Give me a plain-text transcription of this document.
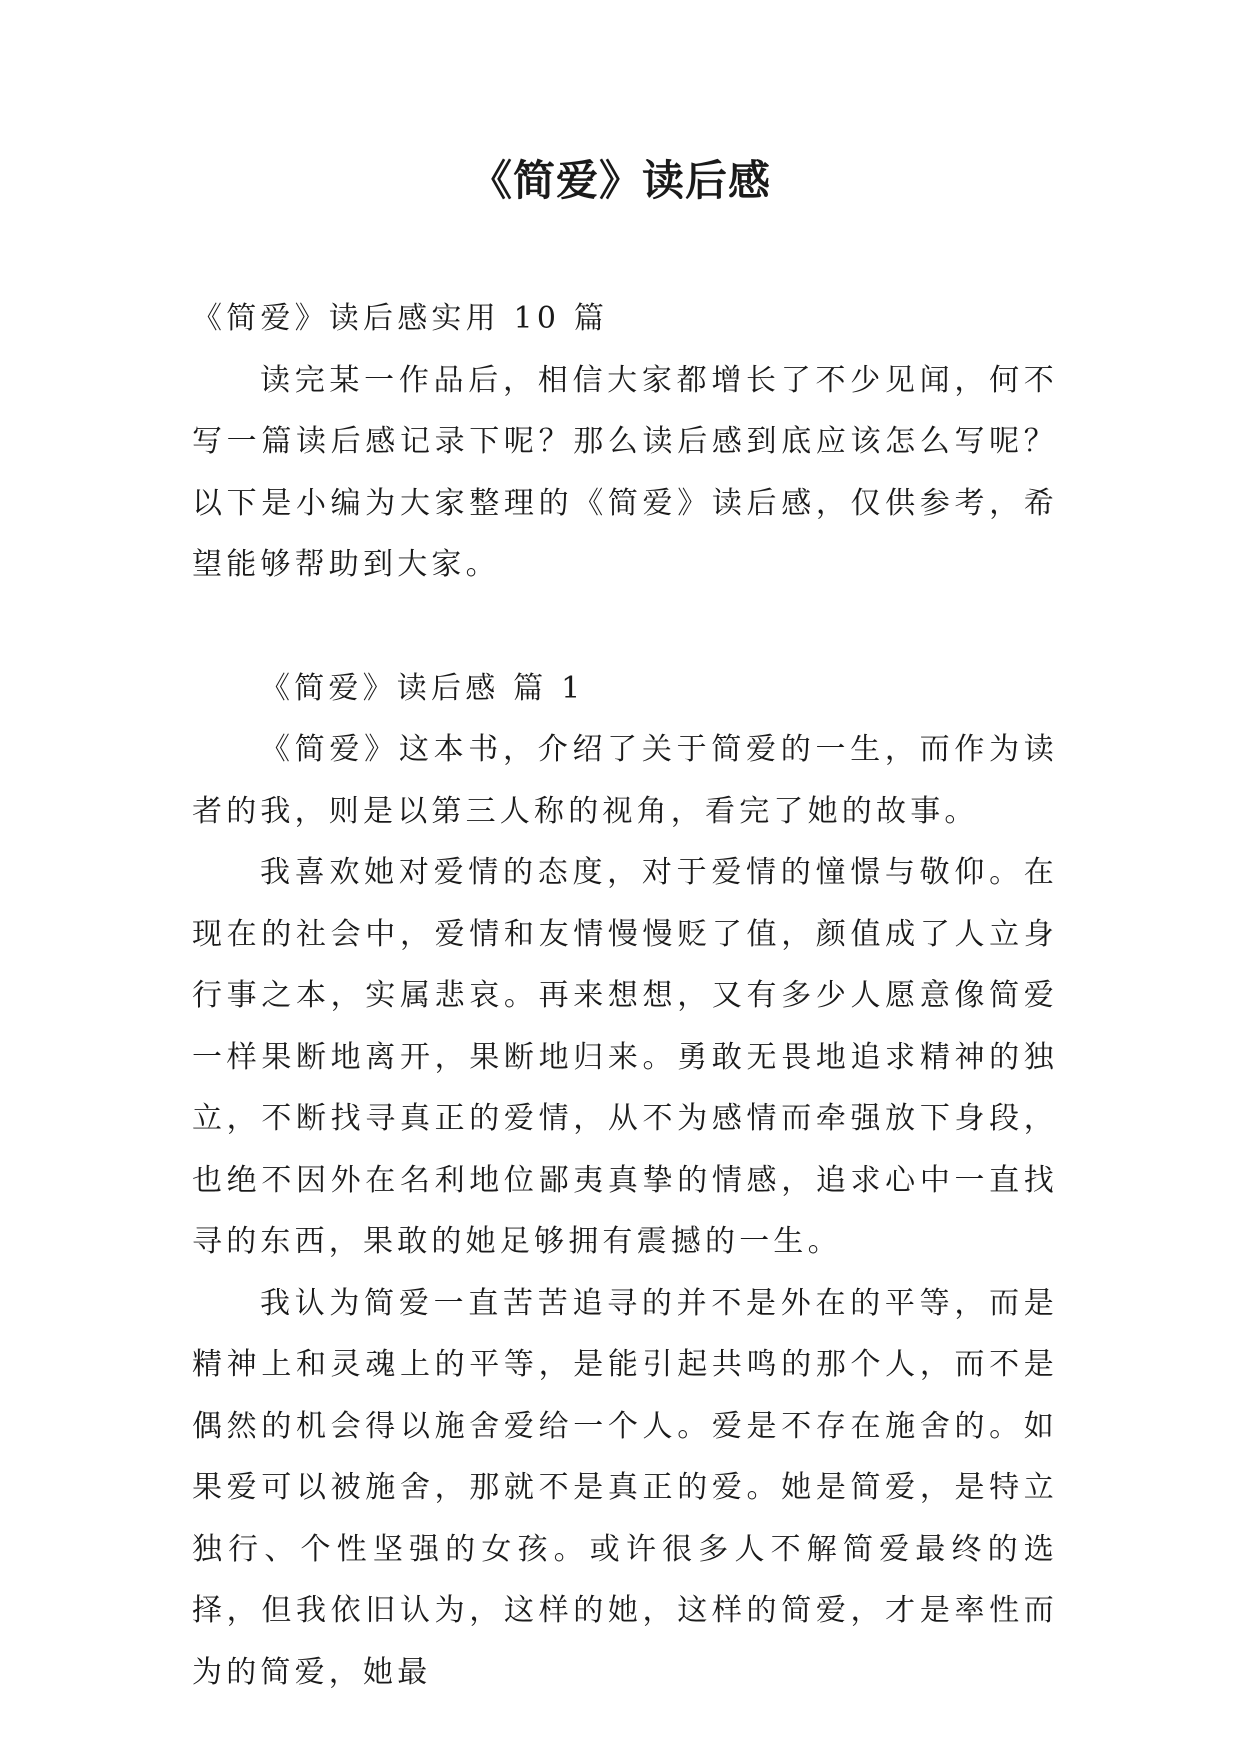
《简爱》读后感

《简爱》读后感实用 10 篇

读完某一作品后，相信大家都增长了不少见闻，何不写一篇读后感记录下呢？那么读后感到底应该怎么写呢？以下是小编为大家整理的《简爱》读后感，仅供参考，希望能够帮助到大家。

《简爱》读后感 篇 1

《简爱》这本书，介绍了关于简爱的一生，而作为读者的我，则是以第三人称的视角，看完了她的故事。

我喜欢她对爱情的态度，对于爱情的憧憬与敬仰。在现在的社会中，爱情和友情慢慢贬了值，颜值成了人立身行事之本，实属悲哀。再来想想，又有多少人愿意像简爱一样果断地离开，果断地归来。勇敢无畏地追求精神的独立，不断找寻真正的爱情，从不为感情而牵强放下身段，也绝不因外在名利地位鄙夷真挚的情感，追求心中一直找寻的东西，果敢的她足够拥有震撼的一生。

我认为简爱一直苦苦追寻的并不是外在的平等，而是精神上和灵魂上的平等，是能引起共鸣的那个人，而不是偶然的机会得以施舍爱给一个人。爱是不存在施舍的。如果爱可以被施舍，那就不是真正的爱。她是简爱，是特立独行、个性坚强的女孩。或许很多人不解简爱最终的选择，但我依旧认为，这样的她，这样的简爱，才是率性而为的简爱，她最
